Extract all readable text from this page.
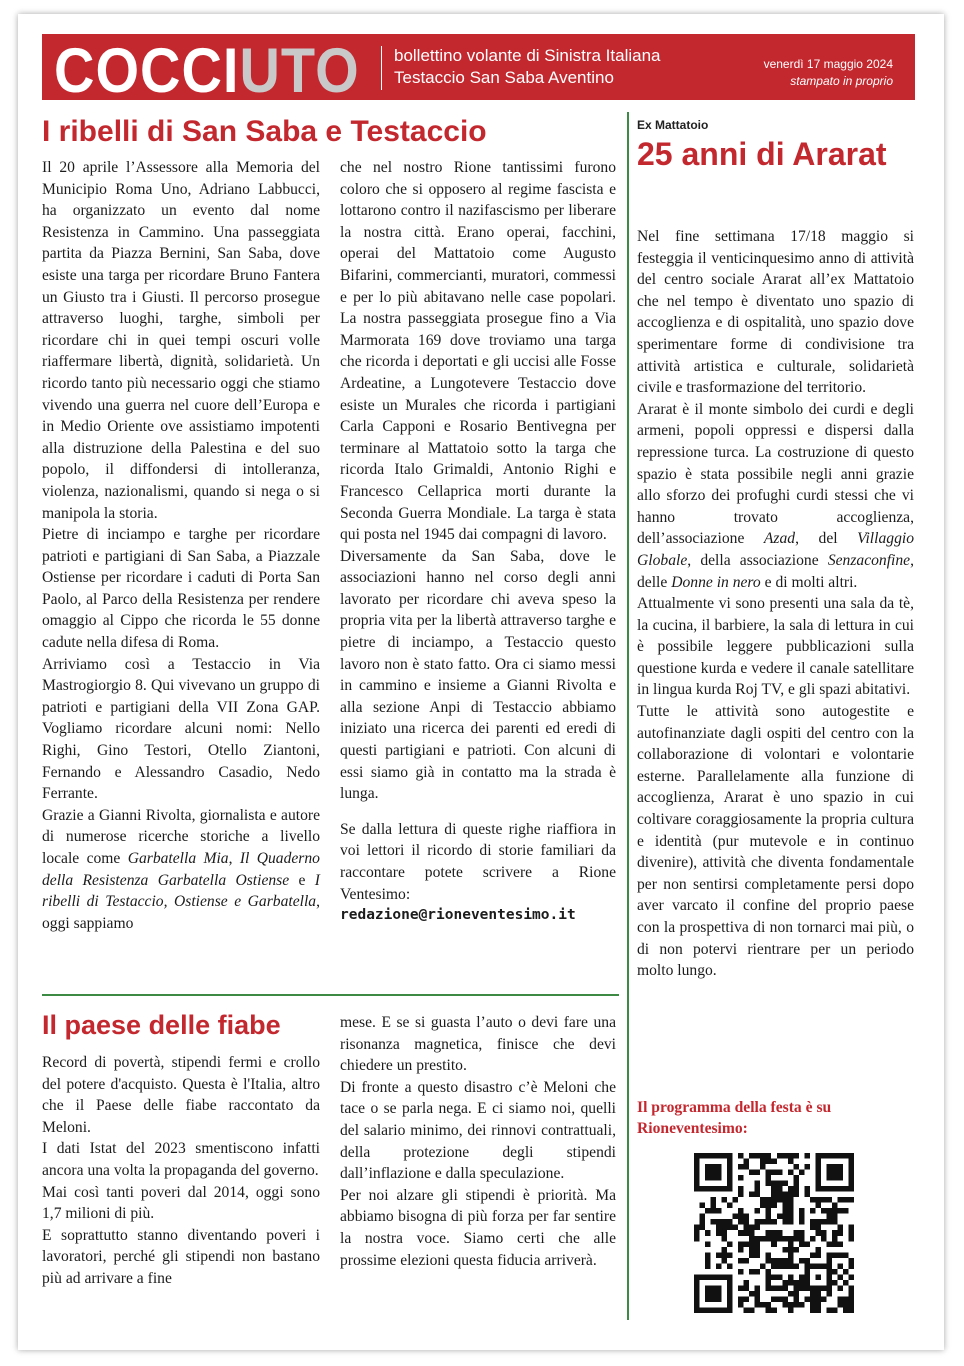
COCCIUTO bollettino volante di Sinistra Italiana
Testaccio San Saba Aventino
venerdì 17 maggio 2024
stampato in proprio
I ribelli di San Saba e Testaccio

Il 20 aprile l’Assessore alla Memoria del Municipio Roma Uno, Adriano Labbucci, ha organizzato un evento dal nome Resistenza in Cammino. Una passeggiata partita da Piazza Bernini, San Saba, dove esiste una targa per ricordare Bruno Fantera un Giusto tra i Giusti. Il percorso prosegue attraverso luoghi, targhe, simboli per ricordare chi in quei tempi oscuri volle riaffermare libertà, dignità, solidarietà. Un ricordo tanto più necessario oggi che stiamo vivendo una guerra nel cuore dell’Europa e in Medio Oriente ove assistiamo impotenti alla distruzione della Palestina e del suo popolo, il diffondersi di intolleranza, violenza, nazionalismi, quando si nega o si manipola la storia.

Pietre di inciampo e targhe per ricordare patrioti e partigiani di San Saba, a Piazzale Ostiense per ricordare i caduti di Porta San Paolo, al Parco della Resistenza per rendere omaggio al Cippo che ricorda le 55 donne cadute nella difesa di Roma.

Arriviamo così a Testaccio in Via Mastrogiorgio 8. Qui vivevano un gruppo di patrioti e partigiani della VII Zona GAP. Vogliamo ricordare alcuni nomi: Nello Righi, Gino Testori, Otello Ziantoni, Fernando e Alessandro Casadio, Nedo Ferrante.

Grazie a Gianni Rivolta, giornalista e autore di numerose ricerche storiche a livello locale come Garbatella Mia, Il Quaderno della Resistenza Garbatella Ostiense e I ribelli di Testaccio, Ostiense e Garbatella, oggi sappiamo

che nel nostro Rione tantissimi furono coloro che si opposero al regime fascista e lottarono contro il nazifascismo per liberare la nostra città. Erano operai, facchini, operai del Mattatoio come Augusto Bifarini, commercianti, muratori, commessi e per lo più abitavano nelle case popolari. La nostra passeggiata prosegue fino a Via Marmorata 169 dove troviamo una targa che ricorda i deportati e gli uccisi alle Fosse Ardeatine, a Lungotevere Testaccio dove esiste un Murales che ricorda i partigiani Carla Capponi e Rosario Bentivegna per terminare al Mattatoio sotto la targa che ricorda Italo Grimaldi, Antonio Righi e Francesco Cellaprica morti durante la Seconda Guerra Mondiale. La targa è stata qui posta nel 1945 dai compagni di lavoro.

Diversamente da San Saba, dove le associazioni hanno nel corso degli anni lavorato per ricordare chi aveva speso la propria vita per la libertà attraverso targhe e pietre di inciampo, a Testaccio questo lavoro non è stato fatto. Ora ci siamo messi in cammino e insieme a Gianni Rivolta e alla sezione Anpi di Testaccio abbiamo iniziato una ricerca dei parenti ed eredi di questi partigiani e patrioti. Con alcuni di essi siamo già in contatto ma la strada è lunga.

Se dalla lettura di queste righe riaffiora in voi lettori il ricordo di storie familiari da raccontare potete scrivere a Rione Ventesimo:

redazione@rioneventesimo.it

Ex Mattatoio
25 anni di Ararat

Nel fine settimana 17/18 maggio si festeggia il venticinquesimo anno di attività del centro sociale Ararat all’ex Mattatoio che nel tempo è diventato uno spazio di accoglienza e di ospitalità, uno spazio dove sperimentare forme di condivisione tra attività artistica e culturale, solidarietà civile e trasformazione del territorio.

Ararat è il monte simbolo dei curdi e degli armeni, popoli oppressi e dispersi dalla repressione turca. La costruzione di questo spazio è stata possibile negli anni grazie allo sforzo dei profughi curdi stessi che vi hanno trovato accoglienza, dell’associazione Azad, del Villaggio Globale, della associazione Senzaconfine, delle Donne in nero e di molti altri.

Attualmente vi sono presenti una sala da tè, la cucina, il barbiere, la sala di lettura in cui è possibile leggere pubblicazioni sulla questione kurda e vedere il canale satellitare in lingua kurda Roj TV, e gli spazi abitativi.

Tutte le attività sono autogestite e autofinanziate dagli ospiti del centro con la collaborazione di volontari e volontarie esterne. Parallelamente alla funzione di accoglienza, Ararat è uno spazio in cui coltivare coraggiosamente la propria cultura e identità (pur mutevole e in continuo divenire), attività che diventa fondamentale per non sentirsi completamente persi dopo aver varcato il confine del proprio paese con la prospettiva di non tornarci mai più, o di non potervi rientrare per un periodo molto lungo.

Il programma della festa è su Rioneventesimo:
Il paese delle fiabe

Record di povertà, stipendi fermi e crollo del potere d'acquisto. Questa è l'Italia, altro che il Paese delle fiabe raccontato da Meloni.

I dati Istat del 2023 smentiscono infatti ancora una volta la propaganda del governo.

Mai così tanti poveri dal 2014, oggi sono 1,7 milioni di più.

E soprattutto stanno diventando poveri i lavoratori, perché gli stipendi non bastano più ad arrivare a fine

mese. E se si guasta l’auto o devi fare una risonanza magnetica, finisce che devi chiedere un prestito.

Di fronte a questo disastro c’è Meloni che tace o se parla nega. E ci siamo noi, quelli del salario minimo, dei rinnovi contrattuali, della protezione degli stipendi dall’inflazione e dalla speculazione.

Per noi alzare gli stipendi è priorità. Ma abbiamo bisogna di più forza per far sentire la nostra voce. Siamo certi che alle prossime elezioni questa fiducia arriverà.
